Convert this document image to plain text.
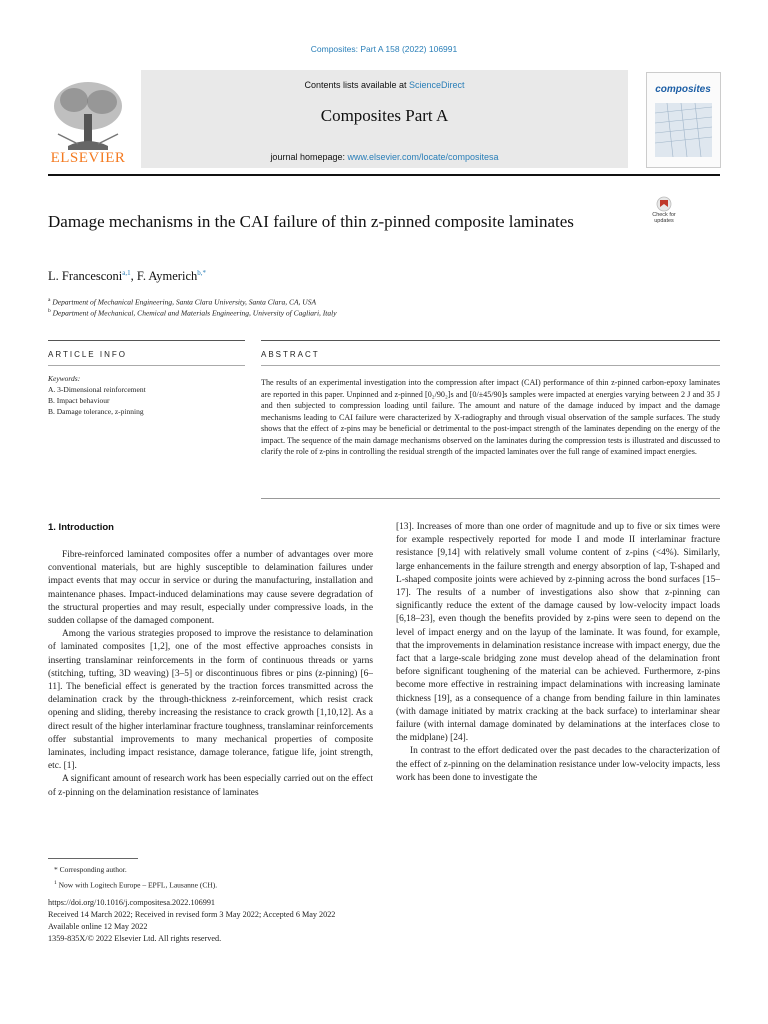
Composites: Part A 158 (2022) 106991
Contents lists available at ScienceDirect
Composites Part A
journal homepage: www.elsevier.com/locate/compositesa
ELSEVIER
composites
Check for updates
Damage mechanisms in the CAI failure of thin z-pinned composite laminates
L. Francesconi$^{a,1}$, F. Aymerich$^{b,*}$
$^a$ Department of Mechanical Engineering, Santa Clara University, Santa Clara, CA, USA
$^b$ Department of Mechanical, Chemical and Materials Engineering, University of Cagliari, Italy
ARTICLE INFO	ABSTRACT
Keywords:
A. 3-Dimensional reinforcement
B. Impact behaviour
B. Damage tolerance, z-pinning
The results of an experimental investigation into the compression after impact (CAI) performance of thin z-pinned carbon-epoxy laminates are reported in this paper. Unpinned and z-pinned [0₂/90₂]s and [0/±45/90]s samples were impacted at energies varying between 2 J and 35 J and then subjected to compression loading until failure. The amount and nature of the damage induced by impact and the damage mechanisms leading to CAI failure were characterized by X-radiography and through visual observation of the sample surfaces. The study shows that the effect of z-pins may be beneficial or detrimental to the post-impact strength of the laminates depending on the energy of the impact. The sequence of the main damage mechanisms observed on the laminates during the compression tests is illustrated and discussed to clarify the role of z-pins in controlling the residual strength of the impacted laminates over the full range of examined impact energies.
1. Introduction

Fibre-reinforced laminated composites offer a number of advantages over more conventional materials, but are highly susceptible to delamination failures under impact events that may occur in service or during the manufacturing, installation and maintenance phases. Impact-induced delaminations may cause severe degradation of the structural properties and may result, especially under compressive loads, in the sudden collapse of the damaged component.

Among the various strategies proposed to improve the resistance to delamination of laminated composites [1,2], one of the most effective approaches consists in inserting translaminar reinforcements in the form of continuous threads or yarns (stitching, tufting, 3D weaving) [3–5] or discontinuous fibres or pins (z-pinning) [6–11]. The beneficial effect is generated by the traction forces transmitted across the delamination crack by the through-thickness z-reinforcement, which resist crack opening and sliding, thereby increasing the resistance to crack growth [1,10,12]. As a direct result of the higher interlaminar fracture toughness, translaminar reinforcements offer substantial improvements to many mechanical properties of composite laminates, including impact resistance, damage tolerance, fatigue life, joint strength, etc. [1].

A significant amount of research work has been especially carried out on the effect of z-pinning on the delamination resistance of laminates

[13]. Increases of more than one order of magnitude and up to five or six times were for example respectively reported for mode I and mode II interlaminar fracture resistance [9,14] with relatively small volume content of z-pins (<4%). Similarly, large enhancements in the failure strength and energy absorption of lap, T-shaped and L-shaped composite joints were achieved by z-pinning across the bond surfaces [15–17]. The results of a number of investigations also show that z-pinning can significantly reduce the extent of the damage caused by low-velocity impact loads [6,18–23], even though the benefits provided by z-pins were seen to depend on the level of impact energy and on the layup of the laminate. It was found, for example, that the improvements in delamination resistance increase with impact energy, due the fact that a large-scale bridging zone must develop ahead of the delamination front before significant toughening of the material can be achieved. Furthermore, z-pins become more effective in restraining impact delaminations with increasing laminate thickness [19], as a consequence of a change from bending failure in thin laminates (with damage initiated by matrix cracking at the back surface) to interlaminar shear failure (with internal damage dominated by delaminations at the interfaces close to the midplane) [24].

In contrast to the effort dedicated over the past decades to the characterization of the effect of z-pinning on the delamination resistance under low-velocity impacts, less work has been done to investigate the

* Corresponding author.
$^1$ Now with Logitech Europe – EPFL, Lausanne (CH).
https://doi.org/10.1016/j.compositesa.2022.106991
Received 14 March 2022; Received in revised form 3 May 2022; Accepted 6 May 2022
Available online 12 May 2022
1359-835X/© 2022 Elsevier Ltd. All rights reserved.
